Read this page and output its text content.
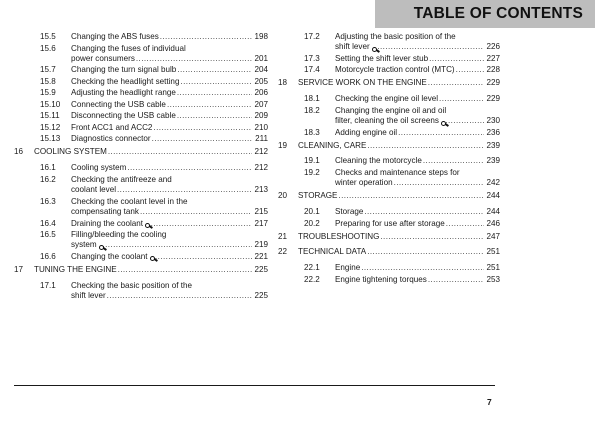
TABLE OF CONTENTS
15.5 Changing the ABS fuses .....	198
15.6 Changing the fuses of individual
power consumers .....	201
15.7 Changing the turn signal bulb .....	204
15.8 Checking the headlight setting .....	205
15.9 Adjusting the headlight range .....	206
15.10 Connecting the USB cable .....	207
15.11 Disconnecting the USB cable .....	209
15.12 Front ACC1 and ACC2 .....	210
15.13 Diagnostics connector .....	211
16 COOLING SYSTEM .....	212
16.1 Cooling system .....	212
16.2 Checking the antifreeze and
coolant level .....	213
16.3 Checking the coolant level in the
compensating tank .....	215
16.4 Draining the coolant .....	217
16.5 Filling/bleeding the cooling
system .....	219
16.6 Changing the coolant .....	221
17 TUNING THE ENGINE .....	225
17.1 Checking the basic position of the
shift lever .....	225
17.2 Adjusting the basic position of the
shift lever .....	226
17.3 Setting the shift lever stub .....	227
17.4 Motorcycle traction control (MTC) .....	228
18 SERVICE WORK ON THE ENGINE .....	229
18.1 Checking the engine oil level .....	229
18.2 Changing the engine oil and oil
filter, cleaning the oil screens .....	230
18.3 Adding engine oil .....	236
19 CLEANING, CARE .....	239
19.1 Cleaning the motorcycle .....	239
19.2 Checks and maintenance steps for
winter operation .....	242
20 STORAGE .....	244
20.1 Storage .....	244
20.2 Preparing for use after storage .....	246
21 TROUBLESHOOTING .....	247
22 TECHNICAL DATA .....	251
22.1 Engine .....	251
22.2 Engine tightening torques .....	253
7
